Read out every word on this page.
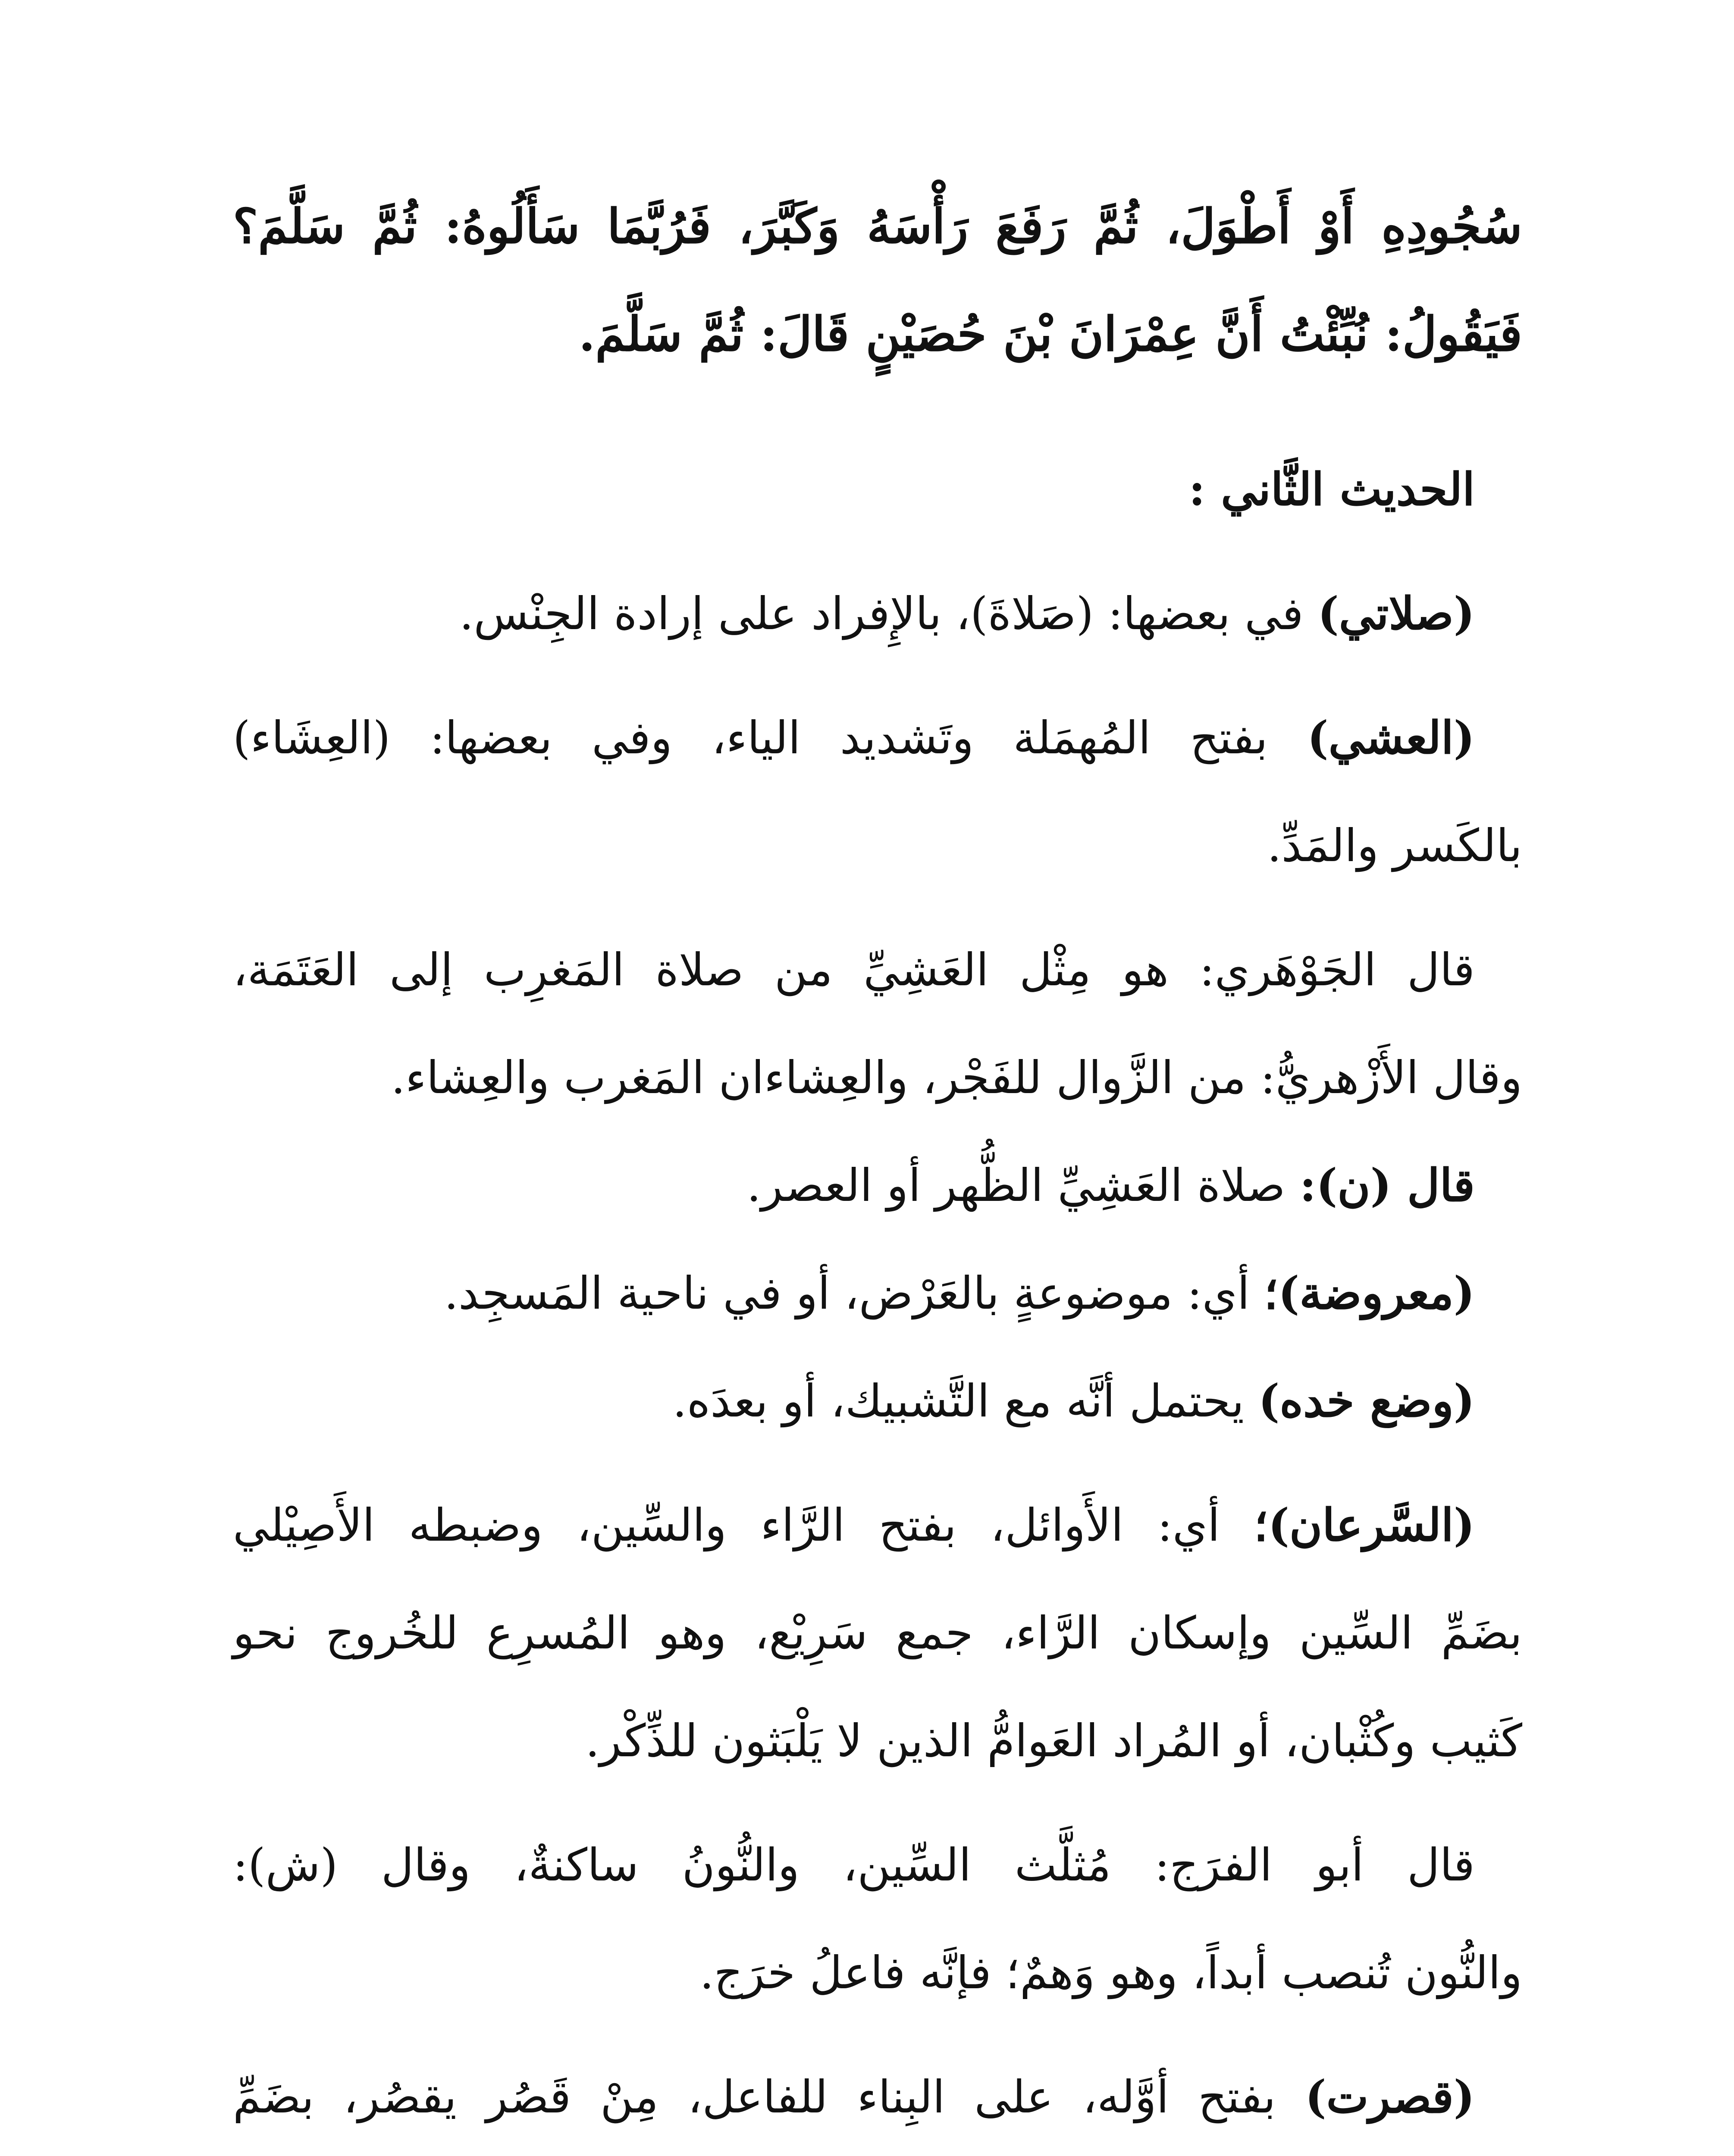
سُجُودِهِ أَوْ أَطْوَلَ، ثُمَّ رَفَعَ رَأْسَهُ وَكَبَّرَ، فَرُبَّمَا سَأَلُوهُ: ثُمَّ سَلَّمَ؟
فَيَقُولُ: نُبِّئْتُ أَنَّ عِمْرَانَ بْنَ حُصَيْنٍ قَالَ: ثُمَّ سَلَّمَ.
الحديث الثَّاني :
(صلاتي) في بعضها: (صَلاةَ)، بالإِفراد على إرادة الجِنْس.
(العشي) بفتح المُهمَلة وتَشديد الياء، وفي بعضها: (العِشَاء)
بالكَسر والمَدِّ.
قال الجَوْهَري: هو مِثْل العَشِيِّ من صلاة المَغرِب إلى العَتَمَة،
وقال الأَزْهريُّ: من الزَّوال للفَجْر، والعِشاءان المَغرب والعِشاء.
قال (ن): صلاة العَشِيِّ الظُّهر أو العصر.
(معروضة)؛ أي: موضوعةٍ بالعَرْض، أو في ناحية المَسجِد.
(وضع خده) يحتمل أنَّه مع التَّشبيك، أو بعدَه.
(السَّرعان)؛ أي: الأَوائل، بفتح الرَّاء والسِّين، وضبطه الأَصِيْلي
بضَمِّ السِّين وإسكان الرَّاء، جمع سَرِيْع، وهو المُسرِع للخُروج نحو
كَثيب وكُثْبان، أو المُراد العَوامُّ الذين لا يَلْبَثون للذِّكْر.
قال أبو الفرَج: مُثلَّث السِّين، والنُّونُ ساكنةٌ، وقال (ش):
والنُّون تُنصب أبداً، وهو وَهمٌ؛ فإنَّه فاعلُ خرَج.
(قصرت) بفتح أوَّله، على البِناء للفاعل، مِنْ قَصُر يقصُر، بضَمِّ
